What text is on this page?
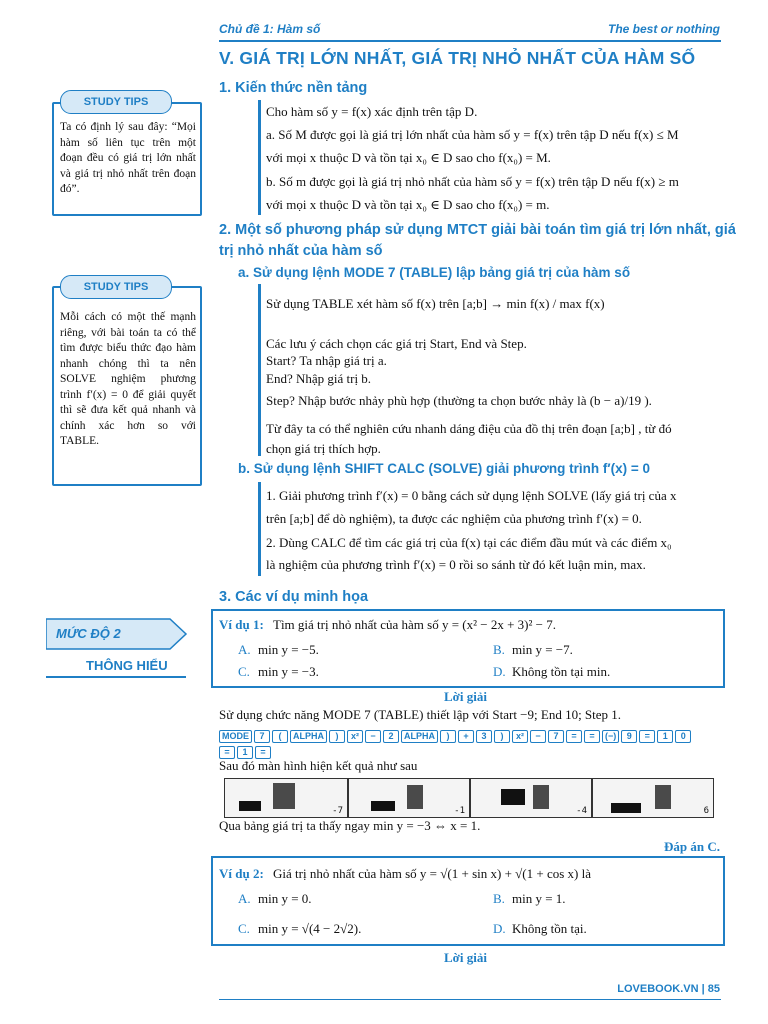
Chủ đề 1: Hàm số	The best or nothing
V. GIÁ TRỊ LỚN NHẤT, GIÁ TRỊ NHỎ NHẤT CỦA HÀM SỐ
1. Kiến thức nền tảng
Cho hàm số y = f(x) xác định trên tập D.
a. Số M được gọi là giá trị lớn nhất của hàm số y = f(x) trên tập D nếu f(x) ≤ M
với mọi x thuộc D và tồn tại x₀ ∈ D sao cho f(x₀) = M.
b. Số m được gọi là giá trị nhỏ nhất của hàm số y = f(x) trên tập D nếu f(x) ≥ m
với mọi x thuộc D và tồn tại x₀ ∈ D sao cho f(x₀) = m.
STUDY TIPS
Ta có định lý sau đây: “Mọi hàm số liên tục trên một đoạn đều có giá trị lớn nhất và giá trị nhỏ nhất trên đoạn đó”.
2. Một số phương pháp sử dụng MTCT giải bài toán tìm giá trị lớn nhất, giá
trị nhỏ nhất của hàm số
a. Sử dụng lệnh MODE 7 (TABLE) lập bảng giá trị của hàm số
Sử dụng TABLE xét hàm số f(x) trên [a;b] → min f(x) / max f(x)
Các lưu ý cách chọn các giá trị Start, End và Step.
Start? Ta nhập giá trị a.
End? Nhập giá trị b.
Step? Nhập bước nhảy phù hợp (thường ta chọn bước nhảy là (b − a)/19 ).
Từ đây ta có thể nghiên cứu nhanh dáng điệu của đồ thị trên đoạn [a;b] , từ đó
chọn giá trị thích hợp.
b. Sử dụng lệnh SHIFT CALC (SOLVE) giải phương trình f′(x) = 0
1. Giải phương trình f′(x) = 0 bằng cách sử dụng lệnh SOLVE (lấy giá trị của x
trên [a;b] để dò nghiệm), ta được các nghiệm của phương trình f′(x) = 0.
2. Dùng CALC để tìm các giá trị của f(x) tại các điểm đầu mút và các điểm x₀
là nghiệm của phương trình f′(x) = 0 rồi so sánh từ đó kết luận min, max.
STUDY TIPS
Mỗi cách có một thế mạnh riêng, với bài toán ta có thể tìm được biểu thức đạo hàm nhanh chóng thì ta nên SOLVE nghiệm phương trình f′(x) = 0 để giải quyết thì sẽ đưa kết quả nhanh và chính xác hơn so với TABLE.
3. Các ví dụ minh họa
MỨC ĐỘ 2
THÔNG HIỂU
Ví dụ 1: Tìm giá trị nhỏ nhất của hàm số y = (x² − 2x + 3)² − 7.
A. min y = −5.	B. min y = −7.
C. min y = −3.	D. Không tồn tại min.
Lời giải
Sử dụng chức năng MODE 7 (TABLE) thiết lập với Start −9; End 10; Step 1.
MODE 7 ( ALPHA ) x² − 2 ALPHA ) + 3 ) x² − 7 = = (−) 9 = 1 0
= 1 =
Sau đó màn hình hiện kết quả như sau
-7	-1	-4	6
Qua bảng giá trị ta thấy ngay min y = −3 ⇔ x = 1.
Đáp án C.
Ví dụ 2: Giá trị nhỏ nhất của hàm số y = √(1 + sin x) + √(1 + cos x) là
A. min y = 0.	B. min y = 1.
C. min y = √(4 − 2√2).	D. Không tồn tại.
Lời giải
LOVEBOOK.VN | 85
